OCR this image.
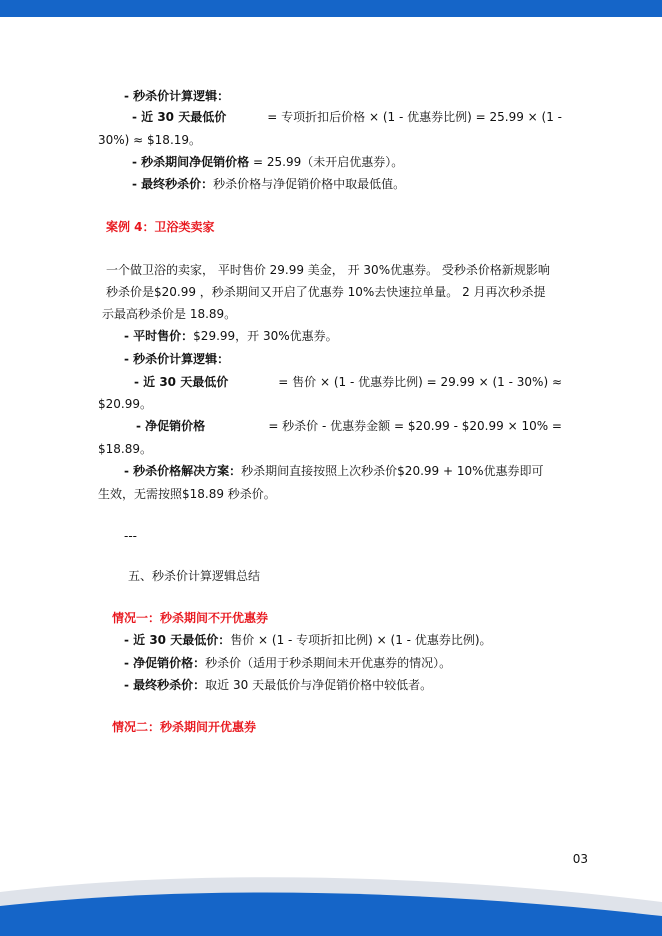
- 秒杀价计算逻辑：
- 近 30 天最低价	= 专项折扣后价格 × (1 - 优惠券比例) = 25.99 × (1 -
30%) ≈ $18.19。
- 秒杀期间净促销价格 = 25.99（未开启优惠券）。
- 最终秒杀价：秒杀价格与净促销价格中取最低值。
案例 4：卫浴类卖家
一个做卫浴的卖家， 平时售价 29.99 美金， 开 30%优惠券。 受秒杀价格新规影响
秒杀价是$20.99 ，秒杀期间又开启了优惠券 10%去快速拉单量。 2 月再次秒杀提
示最高秒杀价是 18.89。
- 平时售价：$29.99，开 30%优惠券。
- 秒杀价计算逻辑：
- 近 30 天最低价	= 售价 × (1 - 优惠券比例) = 29.99 × (1 - 30%) ≈
$20.99。
- 净促销价格	= 秒杀价 - 优惠券金额 = $20.99 - $20.99 × 10% =
$18.89。
- 秒杀价格解决方案：秒杀期间直接按照上次秒杀价$20.99 + 10%优惠券即可
生效，无需按照$18.89 秒杀价。
---
五、秒杀价计算逻辑总结
情况一：秒杀期间不开优惠券
- 近 30 天最低价：售价 × (1 - 专项折扣比例) × (1 - 优惠券比例)。
- 净促销价格：秒杀价（适用于秒杀期间未开优惠券的情况）。
- 最终秒杀价：取近 30 天最低价与净促销价格中较低者。
情况二：秒杀期间开优惠券
03
